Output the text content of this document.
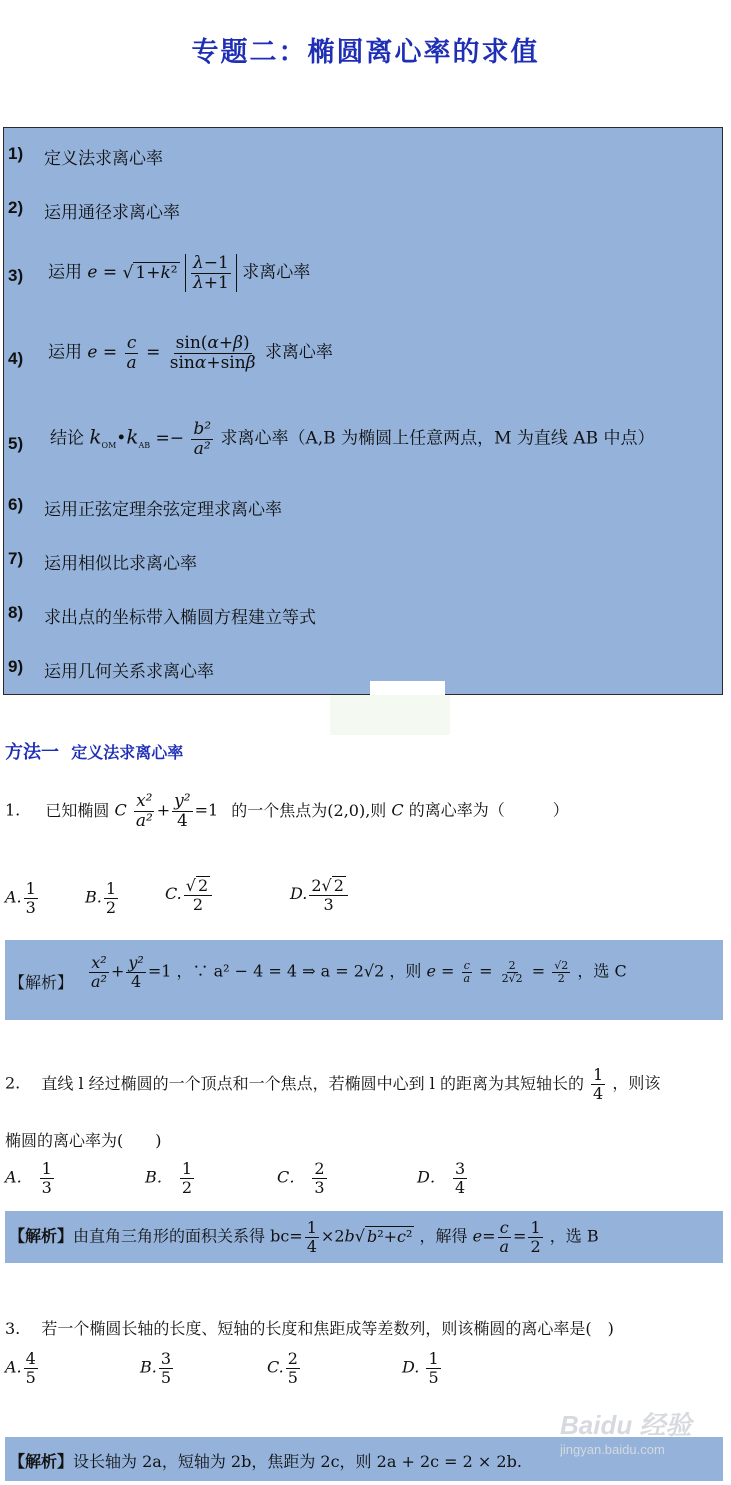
专题二：椭圆离心率的求值
1) 定义法求离心率
2) 运用通径求离心率
3) 运用 e = √ $1+k^2 \frac{\lambda-1}{\lambda+1}$ 求离心率
4) 运用 $e = \frac{c}{a} = \frac{\sin(\alpha+\beta)}{\sin\alpha+\sin\beta}$ 求离心率
5) 结论 $k_{OM}•k_{AB} =- \frac{\text{b²}}{\text{a²}}$ 求离心率（A,B 为椭圆上任意两点，M 为直线 AB 中点）
6) 运用正弦定理余弦定理求离心率
7) 运用相似比求离心率
8) 求出点的坐标带入椭圆方程建立等式
9) 运用几何关系求离心率
方法一 定义法求离心率
1. 已知椭圆 C $\frac{\text{x²}}{\text{a²}} + \frac{\text{y²}}{4} =1$ 的一个焦点为(2,0),则 C 的离心率为（　　　）
A. $\frac{1}{3}$	B. $\frac{1}{2}$	C. $\frac{√ 2}{2}$	D. $\frac{2√ 2}{3}$
【解析】 $\frac{\text{x²}}{\text{a²}} + \frac{\text{y²}}{4} =1$ ，∵ a² − 4 = 4 ⇒ a = 2√2 ，则 $e = \frac{c}{a} = \frac{2}{2√2} = \frac{√2}{2}$ ，选 C
2. 直线 l 经过椭圆的一个顶点和一个焦点，若椭圆中心到 l 的距离为其短轴长的 $\frac{1}{4}$ ，则该
椭圆的离心率为(　　)
A． $\frac{1}{3}$	B． $\frac{1}{2}$	C． $\frac{2}{3}$	D． $\frac{3}{4}$
【解析】由直角三角形的面积关系得 $bc= \frac{1}{4} \times 2b√$ b²+c² ，解得 $e= \frac{c}{a} = \frac{1}{2}$ ，选 B
3. 若一个椭圆长轴的长度、短轴的长度和焦距成等差数列，则该椭圆的离心率是(　)
A. $\frac{4}{5}$	B. $\frac{3}{5}$	C. $\frac{2}{5}$	D. $\frac{1}{5}$
【解析】设长轴为 2a，短轴为 2b，焦距为 2c，则 2a + 2c = 2 × 2b.
Baidu 经验
jingyan.baidu.com
